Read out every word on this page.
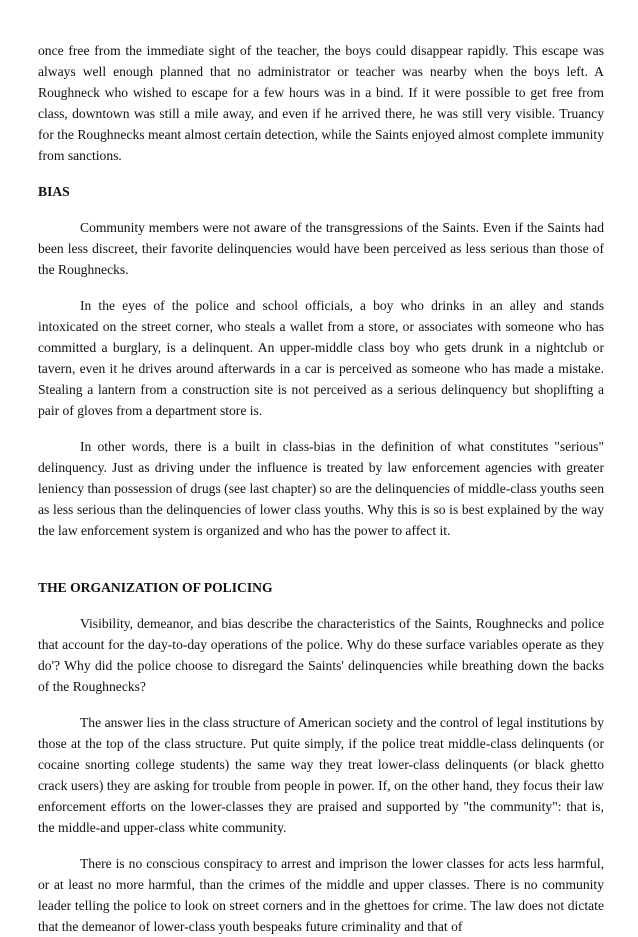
once free from the immediate sight of the teacher, the boys could disappear rapidly. This escape was always well enough planned that no administrator or teacher was nearby when the boys left. A Roughneck who wished to escape for a few hours was in a bind. If it were possible to get free from class, downtown was still a mile away, and even if he arrived there, he was still very visible. Truancy for the Roughnecks meant almost certain detection, while the Saints enjoyed almost complete immunity from sanctions.

BIAS

Community members were not aware of the transgressions of the Saints. Even if the Saints had been less discreet, their favorite delinquencies would have been perceived as less serious than those of the Roughnecks.

In the eyes of the police and school officials, a boy who drinks in an alley and stands intoxicated on the street corner, who steals a wallet from a store, or associates with someone who has committed a burglary, is a delinquent. An upper-middle class boy who gets drunk in a nightclub or tavern, even it he drives around afterwards in a car is perceived as someone who has made a mistake. Stealing a lantern from a construction site is not perceived as a serious delinquency but shoplifting a pair of gloves from a department store is.

In other words, there is a built in class-bias in the definition of what constitutes "serious" delinquency. Just as driving under the influence is treated by law enforcement agencies with greater leniency than possession of drugs (see last chapter) so are the delinquencies of middle-class youths seen as less serious than the delinquencies of lower class youths. Why this is so is best explained by the way the law enforcement system is organized and who has the power to affect it.

THE ORGANIZATION OF POLICING

Visibility, demeanor, and bias describe the characteristics of the Saints, Roughnecks and police that account for the day-to-day operations of the police. Why do these surface variables operate as they do'? Why did the police choose to disregard the Saints' delinquencies while breathing down the backs of the Roughnecks?

The answer lies in the class structure of American society and the control of legal institutions by those at the top of the class structure. Put quite simply, if the police treat middle-class delinquents (or cocaine snorting college students) the same way they treat lower-class delinquents (or black ghetto crack users) they are asking for trouble from people in power. If, on the other hand, they focus their law enforcement efforts on the lower-classes they are praised and supported by "the community": that is, the middle-and upper-class white community.

There is no conscious conspiracy to arrest and imprison the lower classes for acts less harmful, or at least no more harmful, than the crimes of the middle and upper classes. There is no community leader telling the police to look on street corners and in the ghettoes for crime. The law does not dictate that the demeanor of lower-class youth bespeaks future criminality and that of
